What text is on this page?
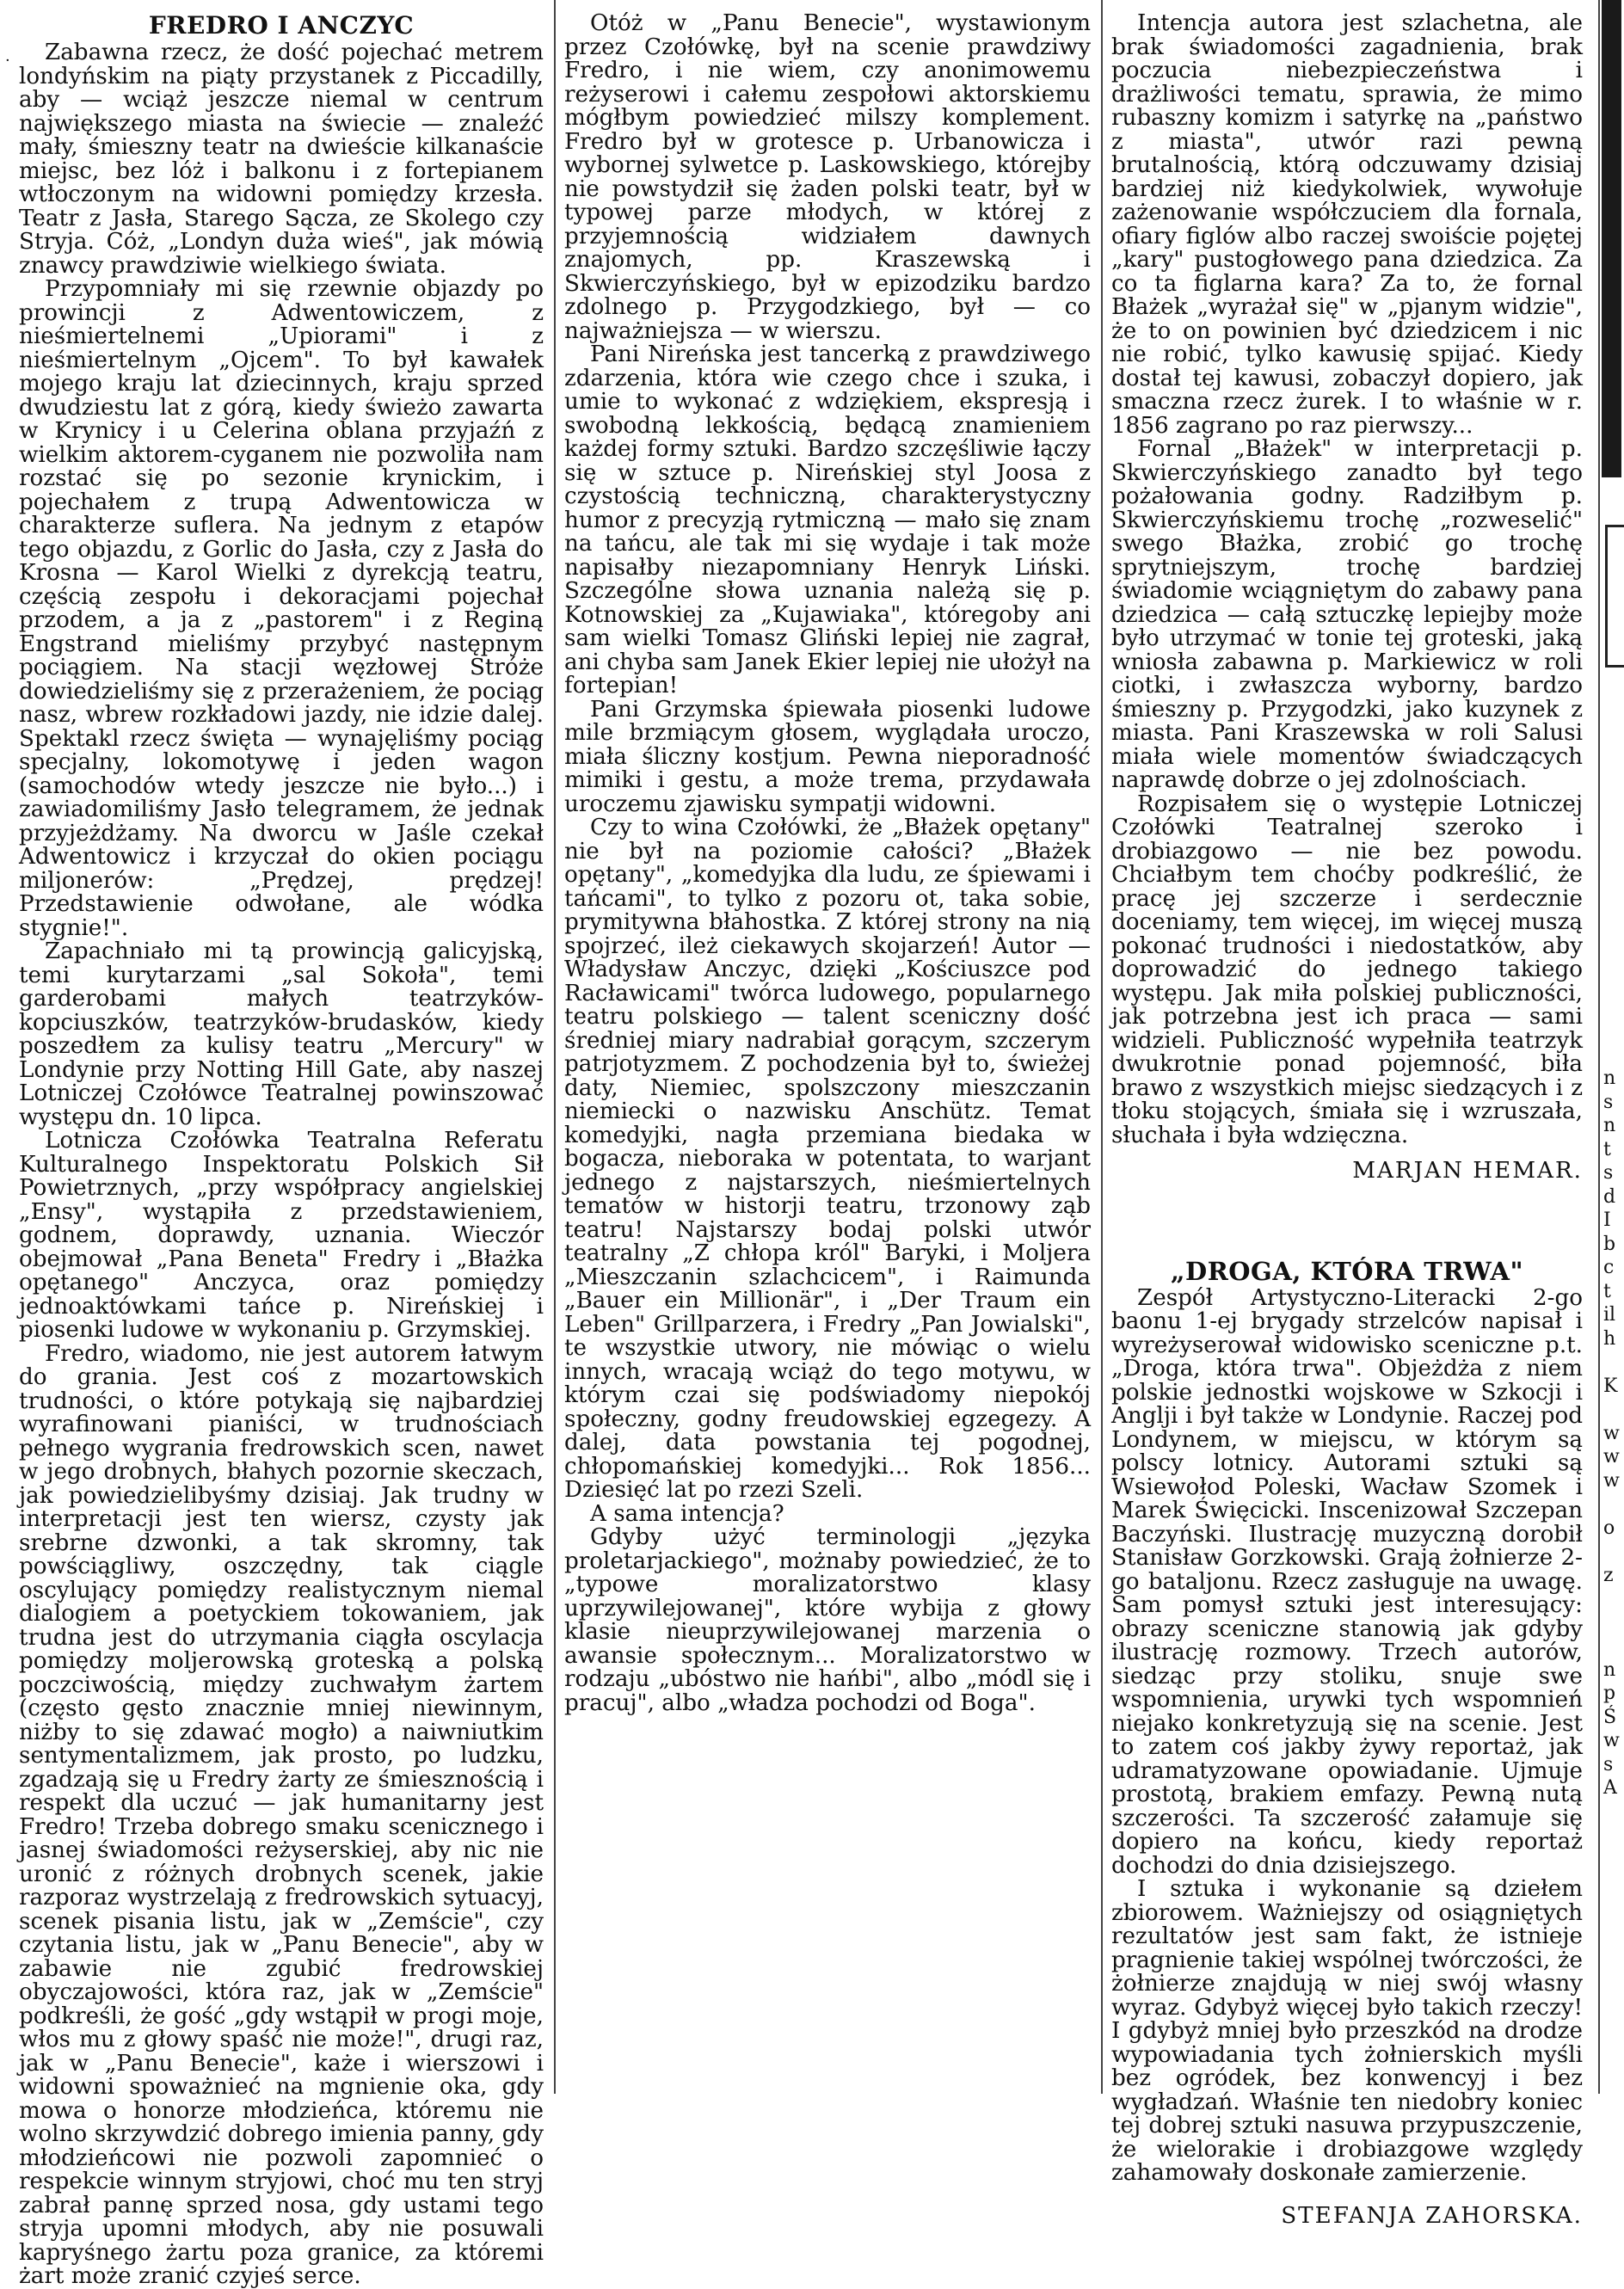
·
FREDRO I ANCZYC

Zabawna rzecz, że dość pojechać metrem londyńskim na piąty przystanek z Piccadilly, aby — wciąż jeszcze niemal w centrum największego miasta na świecie — znaleźć mały, śmieszny teatr na dwieście kilkanaście miejsc, bez lóż i balkonu i z fortepianem wtłoczonym na widowni pomiędzy krzesła. Teatr z Jasła, Starego Sącza, ze Skolego czy Stryja. Cóż, „Londyn duża wieś", jak mówią znawcy prawdziwie wielkiego świata.

Przypomniały mi się rzewnie objazdy po prowincji z Adwentowiczem, z nieśmiertelnemi „Upiorami" i z nieśmiertelnym „Ojcem". To był kawałek mojego kraju lat dziecinnych, kraju sprzed dwudziestu lat z górą, kiedy świeżo zawarta w Krynicy i u Celerina oblana przyjaźń z wielkim aktorem-cyganem nie pozwoliła nam rozstać się po sezonie krynickim, i pojechałem z trupą Adwentowicza w charakterze suflera. Na jednym z etapów tego objazdu, z Gorlic do Jasła, czy z Jasła do Krosna — Karol Wielki z dyrekcją teatru, częścią zespołu i dekoracjami pojechał przodem, a ja z „pastorem" i z Reginą Engstrand mieliśmy przybyć następnym pociągiem. Na stacji węzłowej Stróże dowiedzieliśmy się z przerażeniem, że pociąg nasz, wbrew rozkładowi jazdy, nie idzie dalej. Spektakl rzecz święta — wynajęliśmy pociąg specjalny, lokomotywę i jeden wagon (samochodów wtedy jeszcze nie było...) i zawiadomiliśmy Jasło telegramem, że jednak przyjeżdżamy. Na dworcu w Jaśle czekał Adwentowicz i krzyczał do okien pociągu miljonerów: „Prędzej, prędzej! Przedstawienie odwołane, ale wódka stygnie!".

Zapachniało mi tą prowincją galicyjską, temi kurytarzami „sal Sokoła", temi garderobami małych teatrzyków-kopciuszków, teatrzyków-brudasków, kiedy poszedłem za kulisy teatru „Mercury" w Londynie przy Notting Hill Gate, aby naszej Lotniczej Czołówce Teatralnej powinszować występu dn. 10 lipca.

Lotnicza Czołówka Teatralna Referatu Kulturalnego Inspektoratu Polskich Sił Powietrznych, „przy współpracy angielskiej „Ensy", wystąpiła z przedstawieniem, godnem, doprawdy, uznania. Wieczór obejmował „Pana Beneta" Fredry i „Błażka opętanego" Anczyca, oraz pomiędzy jednoaktówkami tańce p. Nireńskiej i piosenki ludowe w wykonaniu p. Grzymskiej.

Fredro, wiadomo, nie jest autorem łatwym do grania. Jest coś z mozartowskich trudności, o które potykają się najbardziej wyrafinowani pianiści, w trudnościach pełnego wygrania fredrowskich scen, nawet w jego drobnych, błahych pozornie skeczach, jak powiedzielibyśmy dzisiaj. Jak trudny w interpretacji jest ten wiersz, czysty jak srebrne dzwonki, a tak skromny, tak powściągliwy, oszczędny, tak ciągle oscylujący pomiędzy realistycznym niemal dialogiem a poetyckiem tokowaniem, jak trudna jest do utrzymania ciągła oscylacja pomiędzy moljerowską groteską a polską poczciwością, między zuchwałym żartem (często gęsto znacznie mniej niewinnym, niżby to się zdawać mogło) a naiwniutkim sentymentalizmem, jak prosto, po ludzku, zgadzają się u Fredry żarty ze śmiesznością i respekt dla uczuć — jak humanitarny jest Fredro! Trzeba dobrego smaku scenicznego i jasnej świadomości reżyserskiej, aby nic nie uronić z różnych drobnych scenek, jakie razporaz wystrzelają z fredrowskich sytuacyj, scenek pisania listu, jak w „Zemście", czy czytania listu, jak w „Panu Benecie", aby w zabawie nie zgubić fredrowskiej obyczajowości, która raz, jak w „Zemście" podkreśli, że gość „gdy wstąpił w progi moje, włos mu z głowy spaść nie może!", drugi raz, jak w „Panu Benecie", każe i wierszowi i widowni spoważnieć na mgnienie oka, gdy mowa o honorze młodzieńca, któremu nie wolno skrzywdzić dobrego imienia panny, gdy młodzieńcowi nie pozwoli zapomnieć o respekcie winnym stryjowi, choć mu ten stryj zabrał pannę sprzed nosa, gdy ustami tego stryja upomni młodych, aby nie posuwali kapryśnego żartu poza granice, za któremi żart może zranić czyjeś serce.

Otóż w „Panu Benecie", wystawionym przez Czołówkę, był na scenie prawdziwy Fredro, i nie wiem, czy anonimowemu reżyserowi i całemu zespołowi aktorskiemu mógłbym powiedzieć milszy komplement. Fredro był w grotesce p. Urbanowicza i wybornej sylwetce p. Laskowskiego, którejby nie powstydził się żaden polski teatr, był w typowej parze młodych, w której z przyjemnością widziałem dawnych znajomych, pp. Kraszewską i Skwierczyńskiego, był w epizodziku bardzo zdolnego p. Przygodzkiego, był — co najważniejsza — w wierszu.

Pani Nireńska jest tancerką z prawdziwego zdarzenia, która wie czego chce i szuka, i umie to wykonać z wdziękiem, ekspresją i swobodną lekkością, będącą znamieniem każdej formy sztuki. Bardzo szczęśliwie łączy się w sztuce p. Nireńskiej styl Joosa z czystością techniczną, charakterystyczny humor z precyzją rytmiczną — mało się znam na tańcu, ale tak mi się wydaje i tak może napisałby niezapomniany Henryk Liński. Szczególne słowa uznania należą się p. Kotnowskiej za „Kujawiaka", któregoby ani sam wielki Tomasz Gliński lepiej nie zagrał, ani chyba sam Janek Ekier lepiej nie ułożył na fortepian!

Pani Grzymska śpiewała piosenki ludowe mile brzmiącym głosem, wyglądała uroczo, miała śliczny kostjum. Pewna nieporadność mimiki i gestu, a może trema, przydawała uroczemu zjawisku sympatji widowni.

Czy to wina Czołówki, że „Błażek opętany" nie był na poziomie całości? „Błażek opętany", „komedyjka dla ludu, ze śpiewami i tańcami", to tylko z pozoru ot, taka sobie, prymitywna błahostka. Z której strony na nią spojrzeć, ileż ciekawych skojarzeń! Autor — Władysław Anczyc, dzięki „Kościuszce pod Racławicami" twórca ludowego, popularnego teatru polskiego — talent sceniczny dość średniej miary nadrabiał gorącym, szczerym patrjotyzmem. Z pochodzenia był to, świeżej daty, Niemiec, spolszczony mieszczanin niemiecki o nazwisku Anschütz. Temat komedyjki, nagła przemiana biedaka w bogacza, nieboraka w potentata, to warjant jednego z najstarszych, nieśmiertelnych tematów w historji teatru, trzonowy ząb teatru! Najstarszy bodaj polski utwór teatralny „Z chłopa król" Baryki, i Moljera „Mieszczanin szlachcicem", i Raimunda „Bauer ein Millionär", i „Der Traum ein Leben" Grillparzera, i Fredry „Pan Jowialski", te wszystkie utwory, nie mówiąc o wielu innych, wracają wciąż do tego motywu, w którym czai się podświadomy niepokój społeczny, godny freudowskiej egzegezy. A dalej, data powstania tej pogodnej, chłopomańskiej komedyjki... Rok 1856... Dziesięć lat po rzezi Szeli.

A sama intencja?

Gdyby użyć terminologji „języka proletarjackiego", możnaby powiedzieć, że to „typowe moralizatorstwo klasy uprzywilejowanej", które wybija z głowy klasie nieuprzywilejowanej marzenia o awansie społecznym... Moralizatorstwo w rodzaju „ubóstwo nie hańbi", albo „módl się i pracuj", albo „władza pochodzi od Boga".

Intencja autora jest szlachetna, ale brak świadomości zagadnienia, brak poczucia niebezpieczeństwa i drażliwości tematu, sprawia, że mimo rubaszny komizm i satyrkę na „państwo z miasta", utwór razi pewną brutalnością, którą odczuwamy dzisiaj bardziej niż kiedykolwiek, wywołuje zażenowanie współczuciem dla fornala, ofiary figlów albo raczej swoiście pojętej „kary" pustogłowego pana dziedzica. Za co ta figlarna kara? Za to, że fornal Błażek „wyrażał się" w „pjanym widzie", że to on powinien być dziedzicem i nic nie robić, tylko kawusię spijać. Kiedy dostał tej kawusi, zobaczył dopiero, jak smaczna rzecz żurek. I to właśnie w r. 1856 zagrano po raz pierwszy...

Fornal „Błażek" w interpretacji p. Skwierczyńskiego zanadto był tego pożałowania godny. Radziłbym p. Skwierczyńskiemu trochę „rozweselić" swego Błażka, zrobić go trochę sprytniejszym, trochę bardziej świadomie wciągniętym do zabawy pana dziedzica — całą sztuczkę lepiejby może było utrzymać w tonie tej groteski, jaką wniosła zabawna p. Markiewicz w roli ciotki, i zwłaszcza wyborny, bardzo śmieszny p. Przygodzki, jako kuzynek z miasta. Pani Kraszewska w roli Salusi miała wiele momentów świadczących naprawdę dobrze o jej zdolnościach.

Rozpisałem się o występie Lotniczej Czołówki Teatralnej szeroko i drobiazgowo — nie bez powodu. Chciałbym tem choćby podkreślić, że pracę jej szczerze i serdecznie doceniamy, tem więcej, im więcej muszą pokonać trudności i niedostatków, aby doprowadzić do jednego takiego występu. Jak miła polskiej publiczności, jak potrzebna jest ich praca — sami widzieli. Publiczność wypełniła teatrzyk dwukrotnie ponad pojemność, biła brawo z wszystkich miejsc siedzących i z tłoku stojących, śmiała się i wzruszała, słuchała i była wdzięczna.

MARJAN HEMAR.

„DROGA, KTÓRA TRWA"

Zespół Artystyczno-Literacki 2-go baonu 1-ej brygady strzelców napisał i wyreżyserował widowisko sceniczne p.t. „Droga, która trwa". Objeżdża z niem polskie jednostki wojskowe w Szkocji i Anglji i był także w Londynie. Raczej pod Londynem, w miejscu, w którym są polscy lotnicy. Autorami sztuki są Wsiewołod Poleski, Wacław Szomek i Marek Święcicki. Inscenizował Szczepan Baczyński. Ilustrację muzyczną dorobił Stanisław Gorzkowski. Grają żołnierze 2-go bataljonu. Rzecz zasługuje na uwagę. Sam pomysł sztuki jest interesujący: obrazy sceniczne stanowią jak gdyby ilustrację rozmowy. Trzech autorów, siedząc przy stoliku, snuje swe wspomnienia, urywki tych wspomnień niejako konkretyzują się na scenie. Jest to zatem coś jakby żywy reportaż, jak udramatyzowane opowiadanie. Ujmuje prostotą, brakiem emfazy. Pewną nutą szczerości. Ta szczerość załamuje się dopiero na końcu, kiedy reportaż dochodzi do dnia dzisiejszego.

I sztuka i wykonanie są dziełem zbiorowem. Ważniejszy od osiągniętych rezultatów jest sam fakt, że istnieje pragnienie takiej wspólnej twórczości, że żołnierze znajdują w niej swój własny wyraz. Gdybyż więcej było takich rzeczy! I gdybyż mniej było przeszkód na drodze wypowiadania tych żołnierskich myśli bez ogródek, bez konwencyj i bez wygładzań. Właśnie ten niedobry koniec tej dobrej sztuki nasuwa przypuszczenie, że wielorakie i drobiazgowe względy zahamowały doskonałe zamierzenie.

STEFANJA ZAHORSKA.

n
s
n
t
s
d
I
b
c
t
il
h

K

w
w
w

o

z

n
p
Ś
w
s
A
